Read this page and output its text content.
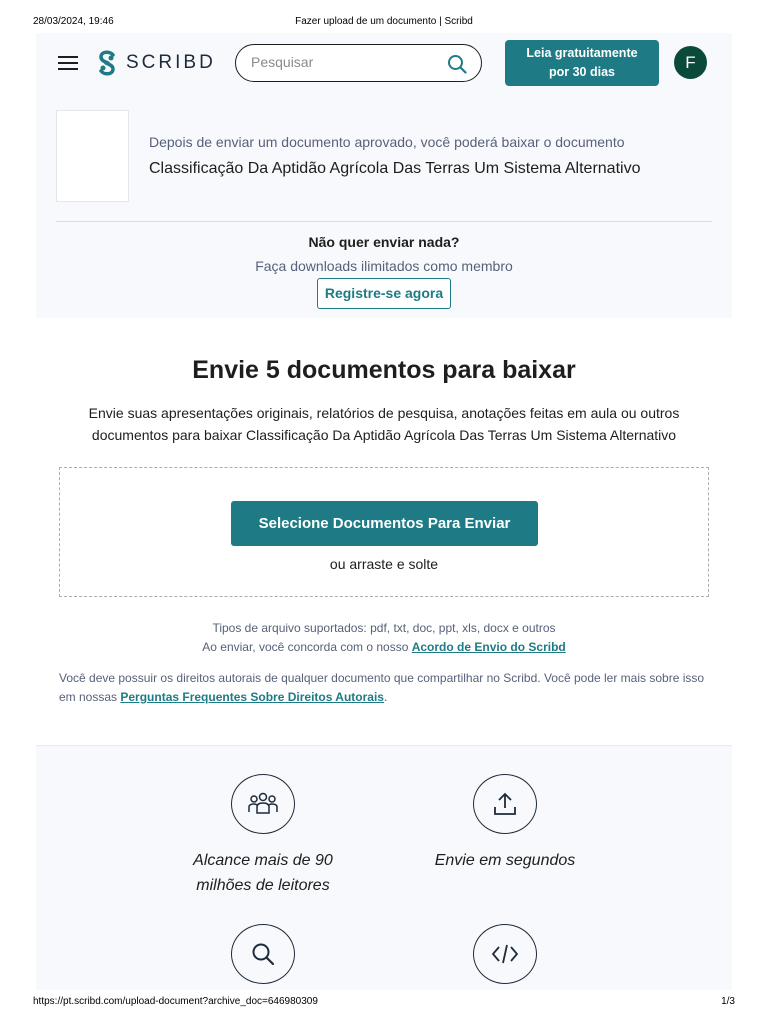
28/03/2024, 19:46	Fazer upload de um documento | Scribd
SCRIBD
Pesquisar	Leia gratuitamente
por 30 dias	F
Depois de enviar um documento aprovado, você poderá baixar o documento
Classificação Da Aptidão Agrícola Das Terras Um Sistema Alternativo
Não quer enviar nada?
Faça downloads ilimitados como membro
Registre-se agora
Envie 5 documentos para baixar
Envie suas apresentações originais, relatórios de pesquisa, anotações feitas em aula ou outros documentos para baixar Classificação Da Aptidão Agrícola Das Terras Um Sistema Alternativo
Selecione Documentos Para Enviar
ou arraste e solte
Tipos de arquivo suportados: pdf, txt, doc, ppt, xls, docx e outros
Ao enviar, você concorda com o nosso Acordo de Envio do Scribd
Você deve possuir os direitos autorais de qualquer documento que compartilhar no Scribd. Você pode ler mais sobre isso em nossas Perguntas Frequentes Sobre Direitos Autorais.
Alcance mais de 90
milhões de leitores
Envie em segundos
https://pt.scribd.com/upload-document?archive_doc=646980309	1/3
